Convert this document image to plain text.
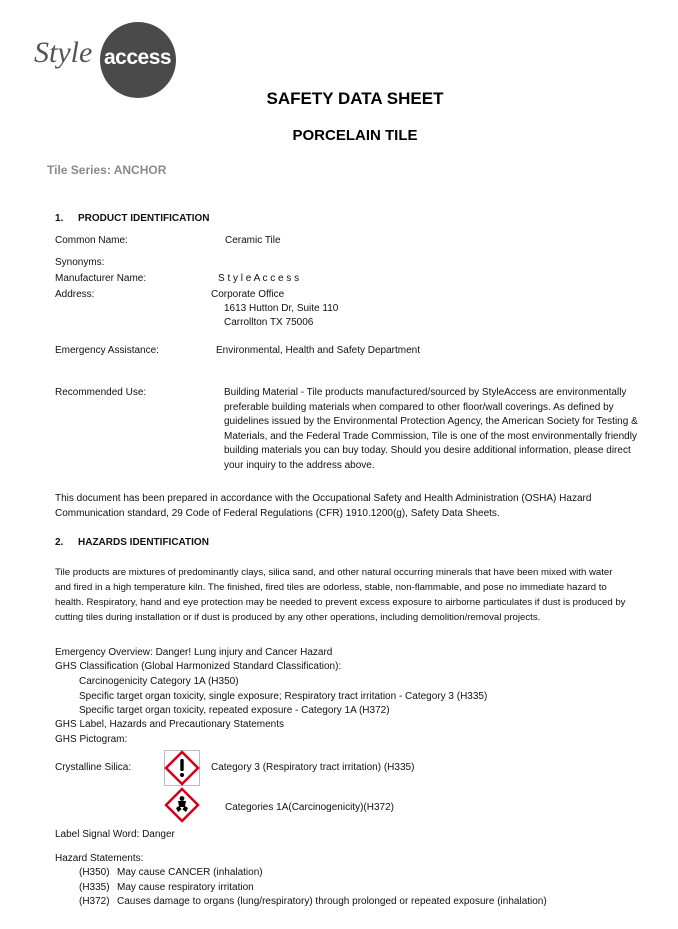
Style access
SAFETY DATA SHEET
PORCELAIN TILE
Tile Series: ANCHOR
1. PRODUCT IDENTIFICATION
Common Name:	Ceramic Tile
Synonyms:
Manufacturer Name:	S t y l e A c c e s s
Address:	Corporate Office
1613 Hutton Dr, Suite 110
Carrollton TX 75006
Emergency Assistance:	Environmental, Health and Safety Department
Recommended Use:	Building Material - Tile products manufactured/sourced by StyleAccess are environmentally
preferable building materials when compared to other floor/wall coverings. As defined by
guidelines issued by the Environmental Protection Agency, the American Society for Testing &
Materials, and the Federal Trade Commission, Tile is one of the most environmentally friendly
building materials you can buy today. Should you desire additional information, please direct
your inquiry to the address above.
This document has been prepared in accordance with the Occupational Safety and Health Administration (OSHA) Hazard
Communication standard, 29 Code of Federal Regulations (CFR) 1910.1200(g), Safety Data Sheets.
2. HAZARDS IDENTIFICATION
Tile products are mixtures of predominantly clays, silica sand, and other natural occurring minerals that have been mixed with water
and fired in a high temperature kiln. The finished, fired tiles are odorless, stable, non-flammable, and pose no immediate hazard to
health. Respiratory, hand and eye protection may be needed to prevent excess exposure to airborne particulates if dust is produced by
cutting tiles during installation or if dust is produced by any other operations, including demolition/removal projects.
Emergency Overview: Danger! Lung injury and Cancer Hazard
GHS Classification (Global Harmonized Standard Classification):
Carcinogenicity Category 1A (H350)
Specific target organ toxicity, single exposure; Respiratory tract irritation - Category 3 (H335)
Specific target organ toxicity, repeated exposure - Category 1A (H372)
GHS Label, Hazards and Precautionary Statements
GHS Pictogram:
Crystalline Silica:	Category 3 (Respiratory tract irritation) (H335)
Categories 1A(Carcinogenicity)(H372)
Label Signal Word: Danger
Hazard Statements:
(H350) May cause CANCER (inhalation)
(H335) May cause respiratory irritation
(H372) Causes damage to organs (lung/respiratory) through prolonged or repeated exposure (inhalation)
